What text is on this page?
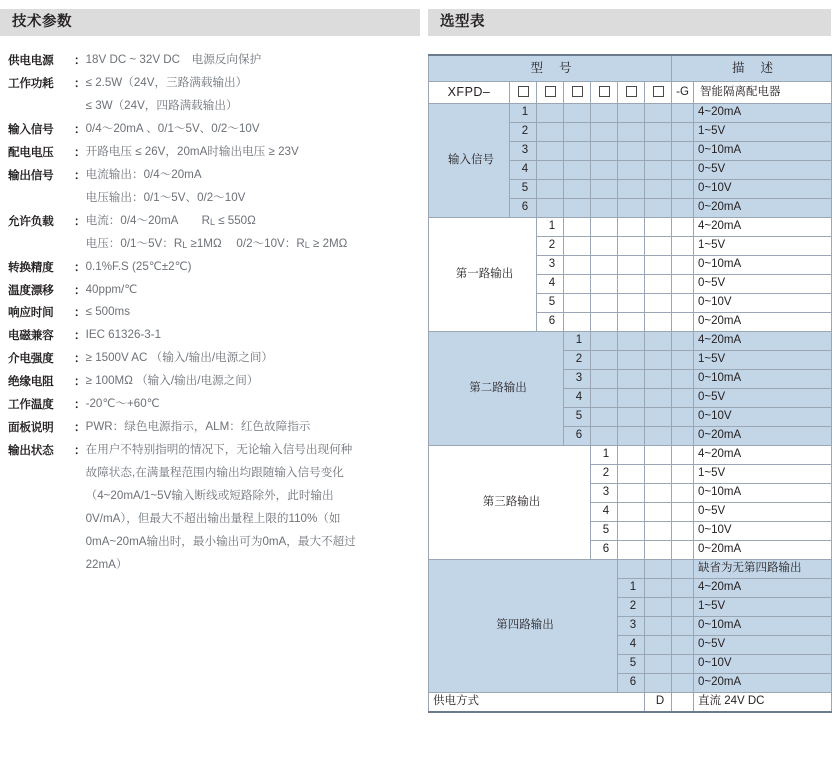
技术参数
供电电源	： 18V DC ~ 32V DC 电源反向保护
工作功耗	： ≤ 2.5W（24V，三路满载输出）
≤ 3W（24V，四路满载输出）
输入信号	： 0/4～20mA 、0/1～5V、0/2～10V
配电电压	： 开路电压 ≤ 26V，20mA时输出电压 ≥ 23V
输出信号	： 电流输出：0/4～20mA
电压输出：0/1～5V、0/2～10V
允许负载	： 电流：0/4～20mA  RL ≤ 550Ω
电压：0/1～5V：RL ≥1MΩ  0/2～10V：RL ≥ 2MΩ
转换精度	： 0.1%F.S (25℃±2℃)
温度漂移	： 40ppm/℃
响应时间	： ≤ 500ms
电磁兼容	： IEC 61326-3-1
介电强度	： ≥ 1500V AC （输入/输出/电源之间）
绝缘电阻	： ≥ 100MΩ （输入/输出/电源之间）
工作温度	： -20℃～+60℃
面板说明	： PWR：绿色电源指示，ALM：红色故障指示
输出状态	： 在用户不特别指明的情况下，无论输入信号出现何种
故障状态,在满量程范围内输出均跟随输入信号变化
（4~20mA/1~5V输入断线或短路除外，此时输出
0V/mA），但最大不超出输出量程上限的110%（如
0mA~20mA输出时，最小输出可为0mA，最大不超过
22mA）
选型表
型号							描述	
XFPD–							-G	智能隔离配电器
输入信号	1							4~20mA
	2							1~5V
	3							0~10mA
	4							0~5V
	5							0~10V
	6							0~20mA
第一路输出		1						4~20mA
		2						1~5V
		3						0~10mA
		4						0~5V
		5						0~10V
		6						0~20mA
第二路输出			1					4~20mA
			2					1~5V
			3					0~10mA
			4					0~5V
			5					0~10V
			6					0~20mA
第三路输出				1				4~20mA
				2				1~5V
				3				0~10mA
				4				0~5V
				5				0~10V
				6				0~20mA
第四路输出								缺省为无第四路输出
					1			4~20mA
					2			1~5V
					3			0~10mA
					4			0~5V
					5			0~10V
					6			0~20mA
供电方式						D		直流 24V DC
